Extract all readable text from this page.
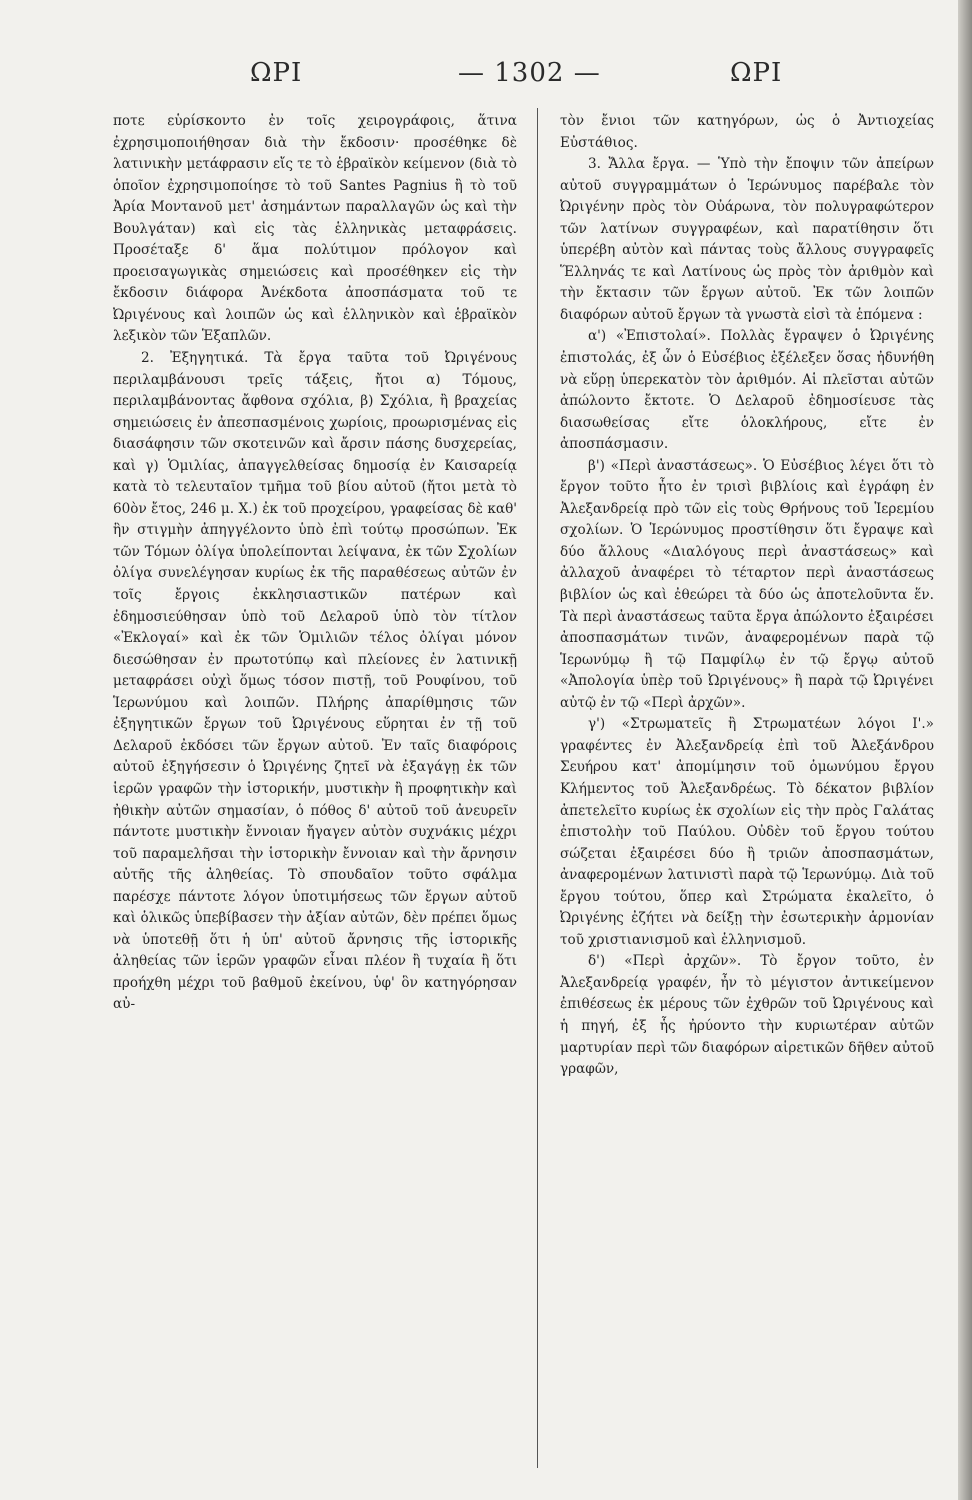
ΩΡΙ	— 1302 —	ΩΡΙ

ποτε εὑρίσκοντο ἐν τοῖς χειρογράφοις, ἅτινα ἐχρησιμοποιήθησαν διὰ τὴν ἔκδοσιν· προσέθηκε δὲ λατινικὴν μετάφρασιν εἴς τε τὸ ἑβραϊκὸν κείμενον (διὰ τὸ ὁποῖον ἐχρησιμοποίησε τὸ τοῦ Santes Pagnius ἢ τὸ τοῦ Ἀρία Μοντανοῦ μετ' ἀσημάντων παραλλαγῶν ὡς καὶ τὴν Βουλγάταν) καὶ εἰς τὰς ἑλληνικὰς μεταφράσεις. Προσέταξε δ' ἅμα πολύτιμον πρόλογον καὶ προεισαγωγικὰς σημειώσεις καὶ προσέθηκεν εἰς τὴν ἔκδοσιν διάφορα Ἀνέκδοτα ἀποσπάσματα τοῦ τε Ὠριγένους καὶ λοιπῶν ὡς καὶ ἑλληνικὸν καὶ ἑβραϊκὸν λεξικὸν τῶν Ἑξαπλῶν.

2. Ἐξηγητικά. Τὰ ἔργα ταῦτα τοῦ Ὠριγένους περιλαμβάνουσι τρεῖς τάξεις, ἤτοι α) Τόμους, περιλαμβάνοντας ἄφθονα σχόλια, β) Σχόλια, ἢ βραχείας σημειώσεις ἐν ἀπεσπασμένοις χωρίοις, προωρισμένας εἰς διασάφησιν τῶν σκοτεινῶν καὶ ἄρσιν πάσης δυσχερείας, καὶ γ) Ὁμιλίας, ἀπαγγελθείσας δημοσίᾳ ἐν Καισαρείᾳ κατὰ τὸ τελευταῖον τμῆμα τοῦ βίου αὐτοῦ (ἤτοι μετὰ τὸ 60ὸν ἔτος, 246 μ. Χ.) ἐκ τοῦ προχείρου, γραφείσας δὲ καθ' ἣν στιγμὴν ἀπηγγέλοντο ὑπὸ ἐπὶ τούτῳ προσώπων. Ἐκ τῶν Τόμων ὀλίγα ὑπολείπονται λείψανα, ἐκ τῶν Σχολίων ὀλίγα συνελέγησαν κυρίως ἐκ τῆς παραθέσεως αὐτῶν ἐν τοῖς ἔργοις ἐκκλησιαστικῶν πατέρων καὶ ἐδημοσιεύθησαν ὑπὸ τοῦ Δελαροῦ ὑπὸ τὸν τίτλον «Ἐκλογαί» καὶ ἐκ τῶν Ὁμιλιῶν τέλος ὀλίγαι μόνον διεσώθησαν ἐν πρωτοτύπῳ καὶ πλείονες ἐν λατινικῇ μεταφράσει οὐχὶ ὅμως τόσον πιστῇ, τοῦ Ρουφίνου, τοῦ Ἱερωνύμου καὶ λοιπῶν. Πλήρης ἀπαρίθμησις τῶν ἐξηγητικῶν ἔργων τοῦ Ὠριγένους εὕρηται ἐν τῇ τοῦ Δελαροῦ ἐκδόσει τῶν ἔργων αὐτοῦ. Ἐν ταῖς διαφόροις αὐτοῦ ἐξηγήσεσιν ὁ Ὠριγένης ζητεῖ νὰ ἐξαγάγῃ ἐκ τῶν ἱερῶν γραφῶν τὴν ἱστορικήν, μυστικὴν ἢ προφητικὴν καὶ ἠθικὴν αὐτῶν σημασίαν, ὁ πόθος δ' αὐτοῦ τοῦ ἀνευρεῖν πάντοτε μυστικὴν ἔννοιαν ἤγαγεν αὐτὸν συχνάκις μέχρι τοῦ παραμελῆσαι τὴν ἱστορικὴν ἔννοιαν καὶ τὴν ἄρνησιν αὐτῆς τῆς ἀληθείας. Τὸ σπουδαῖον τοῦτο σφάλμα παρέσχε πάντοτε λόγον ὑποτιμήσεως τῶν ἔργων αὐτοῦ καὶ ὁλικῶς ὑπεβίβασεν τὴν ἀξίαν αὐτῶν, δὲν πρέπει ὅμως νὰ ὑποτεθῇ ὅτι ἡ ὑπ' αὐτοῦ ἄρνησις τῆς ἱστορικῆς ἀληθείας τῶν ἱερῶν γραφῶν εἶναι πλέον ἢ τυχαία ἢ ὅτι προήχθη μέχρι τοῦ βαθμοῦ ἐκείνου, ὑφ' ὃν κατηγόρησαν αὐ-

τὸν ἔνιοι τῶν κατηγόρων, ὡς ὁ Ἀντιοχείας Εὐστάθιος.

3. Ἄλλα ἔργα. — Ὑπὸ τὴν ἔποψιν τῶν ἀπείρων αὐτοῦ συγγραμμάτων ὁ Ἱερώνυμος παρέβαλε τὸν Ὠριγένην πρὸς τὸν Οὐάρωνα, τὸν πολυγραφώτερον τῶν λατίνων συγγραφέων, καὶ παρατίθησιν ὅτι ὑπερέβη αὐτὸν καὶ πάντας τοὺς ἄλλους συγγραφεῖς Ἕλληνάς τε καὶ Λατίνους ὡς πρὸς τὸν ἀριθμὸν καὶ τὴν ἔκτασιν τῶν ἔργων αὐτοῦ. Ἐκ τῶν λοιπῶν διαφόρων αὐτοῦ ἔργων τὰ γνωστὰ εἰσὶ τὰ ἑπόμενα :

α') «Ἐπιστολαί». Πολλὰς ἔγραψεν ὁ Ὠριγένης ἐπιστολάς, ἐξ ὧν ὁ Εὐσέβιος ἐξέλεξεν ὅσας ἠδυνήθη νὰ εὕρῃ ὑπερεκατὸν τὸν ἀριθμόν. Αἱ πλεῖσται αὐτῶν ἀπώλοντο ἔκτοτε. Ὁ Δελαροῦ ἐδημοσίευσε τὰς διασωθείσας εἴτε ὁλοκλήρους, εἴτε ἐν ἀποσπάσμασιν.

β') «Περὶ ἀναστάσεως». Ὁ Εὐσέβιος λέγει ὅτι τὸ ἔργον τοῦτο ἦτο ἐν τρισὶ βιβλίοις καὶ ἐγράφη ἐν Ἀλεξανδρείᾳ πρὸ τῶν εἰς τοὺς Θρήνους τοῦ Ἱερεμίου σχολίων. Ὁ Ἱερώνυμος προστίθησιν ὅτι ἔγραψε καὶ δύο ἄλλους «Διαλόγους περὶ ἀναστάσεως» καὶ ἀλλαχοῦ ἀναφέρει τὸ τέταρτον περὶ ἀναστάσεως βιβλίον ὡς καὶ ἐθεώρει τὰ δύο ὡς ἀποτελοῦντα ἕν. Τὰ περὶ ἀναστάσεως ταῦτα ἔργα ἀπώλοντο ἐξαιρέσει ἀποσπασμάτων τινῶν, ἀναφερομένων παρὰ τῷ Ἱερωνύμῳ ἢ τῷ Παμφίλῳ ἐν τῷ ἔργῳ αὐτοῦ «Ἀπολογία ὑπὲρ τοῦ Ὠριγένους» ἢ παρὰ τῷ Ὠριγένει αὐτῷ ἐν τῷ «Περὶ ἀρχῶν».

γ') «Στρωματεῖς ἢ Στρωματέων λόγοι Ι'.» γραφέντες ἐν Ἀλεξανδρείᾳ ἐπὶ τοῦ Ἀλεξάνδρου Σευήρου κατ' ἀπομίμησιν τοῦ ὁμωνύμου ἔργου Κλήμεντος τοῦ Ἀλεξανδρέως. Τὸ δέκατον βιβλίον ἀπετελεῖτο κυρίως ἐκ σχολίων εἰς τὴν πρὸς Γαλάτας ἐπιστολὴν τοῦ Παύλου. Οὐδὲν τοῦ ἔργου τούτου σώζεται ἐξαιρέσει δύο ἢ τριῶν ἀποσπασμάτων, ἀναφερομένων λατινιστὶ παρὰ τῷ Ἱερωνύμῳ. Διὰ τοῦ ἔργου τούτου, ὅπερ καὶ Στρώματα ἐκαλεῖτο, ὁ Ὠριγένης ἐζήτει νὰ δείξῃ τὴν ἐσωτερικὴν ἁρμονίαν τοῦ χριστιανισμοῦ καὶ ἑλληνισμοῦ.

δ') «Περὶ ἀρχῶν». Τὸ ἔργον τοῦτο, ἐν Ἀλεξανδρείᾳ γραφέν, ἦν τὸ μέγιστον ἀντικείμενον ἐπιθέσεως ἐκ μέρους τῶν ἐχθρῶν τοῦ Ὠριγένους καὶ ἡ πηγή, ἐξ ἧς ἠρύοντο τὴν κυριωτέραν αὐτῶν μαρτυρίαν περὶ τῶν διαφόρων αἱρετικῶν δῆθεν αὐτοῦ γραφῶν,
